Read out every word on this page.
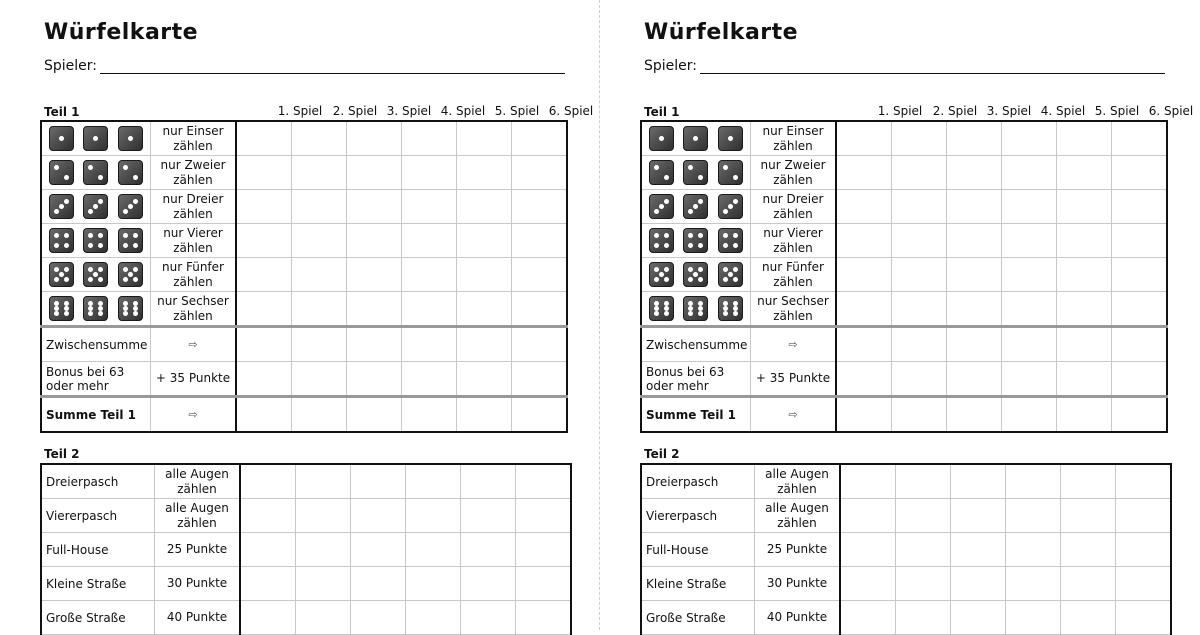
Würfelkarte
Spieler:
Teil 1	1. Spiel 2. Spiel 3. Spiel 4. Spiel 5. Spiel 6. Spiel
	nur Einser
zählen						

	nur Zweier
zählen						

	nur Dreier
zählen						

	nur Vierer
zählen						

	nur Fünfer
zählen						

	nur Sechser
zählen						
Zwischensumme	⇨						
Bonus bei 63
oder mehr	+ 35 Punkte						
Summe Teil 1	⇨						
Teil 2
Dreierpasch	alle Augen
zählen						
Viererpasch	alle Augen
zählen						
Full-House	25 Punkte						
Kleine Straße	30 Punkte						
Große Straße	40 Punkte						
Würfelkarte
Spieler:
Teil 1	1. Spiel 2. Spiel 3. Spiel 4. Spiel 5. Spiel 6. Spiel
	nur Einser
zählen						

	nur Zweier
zählen						

	nur Dreier
zählen						

	nur Vierer
zählen						

	nur Fünfer
zählen						

	nur Sechser
zählen						
Zwischensumme	⇨						
Bonus bei 63
oder mehr	+ 35 Punkte						
Summe Teil 1	⇨						
Teil 2
Dreierpasch	alle Augen
zählen						
Viererpasch	alle Augen
zählen						
Full-House	25 Punkte						
Kleine Straße	30 Punkte						
Große Straße	40 Punkte						
